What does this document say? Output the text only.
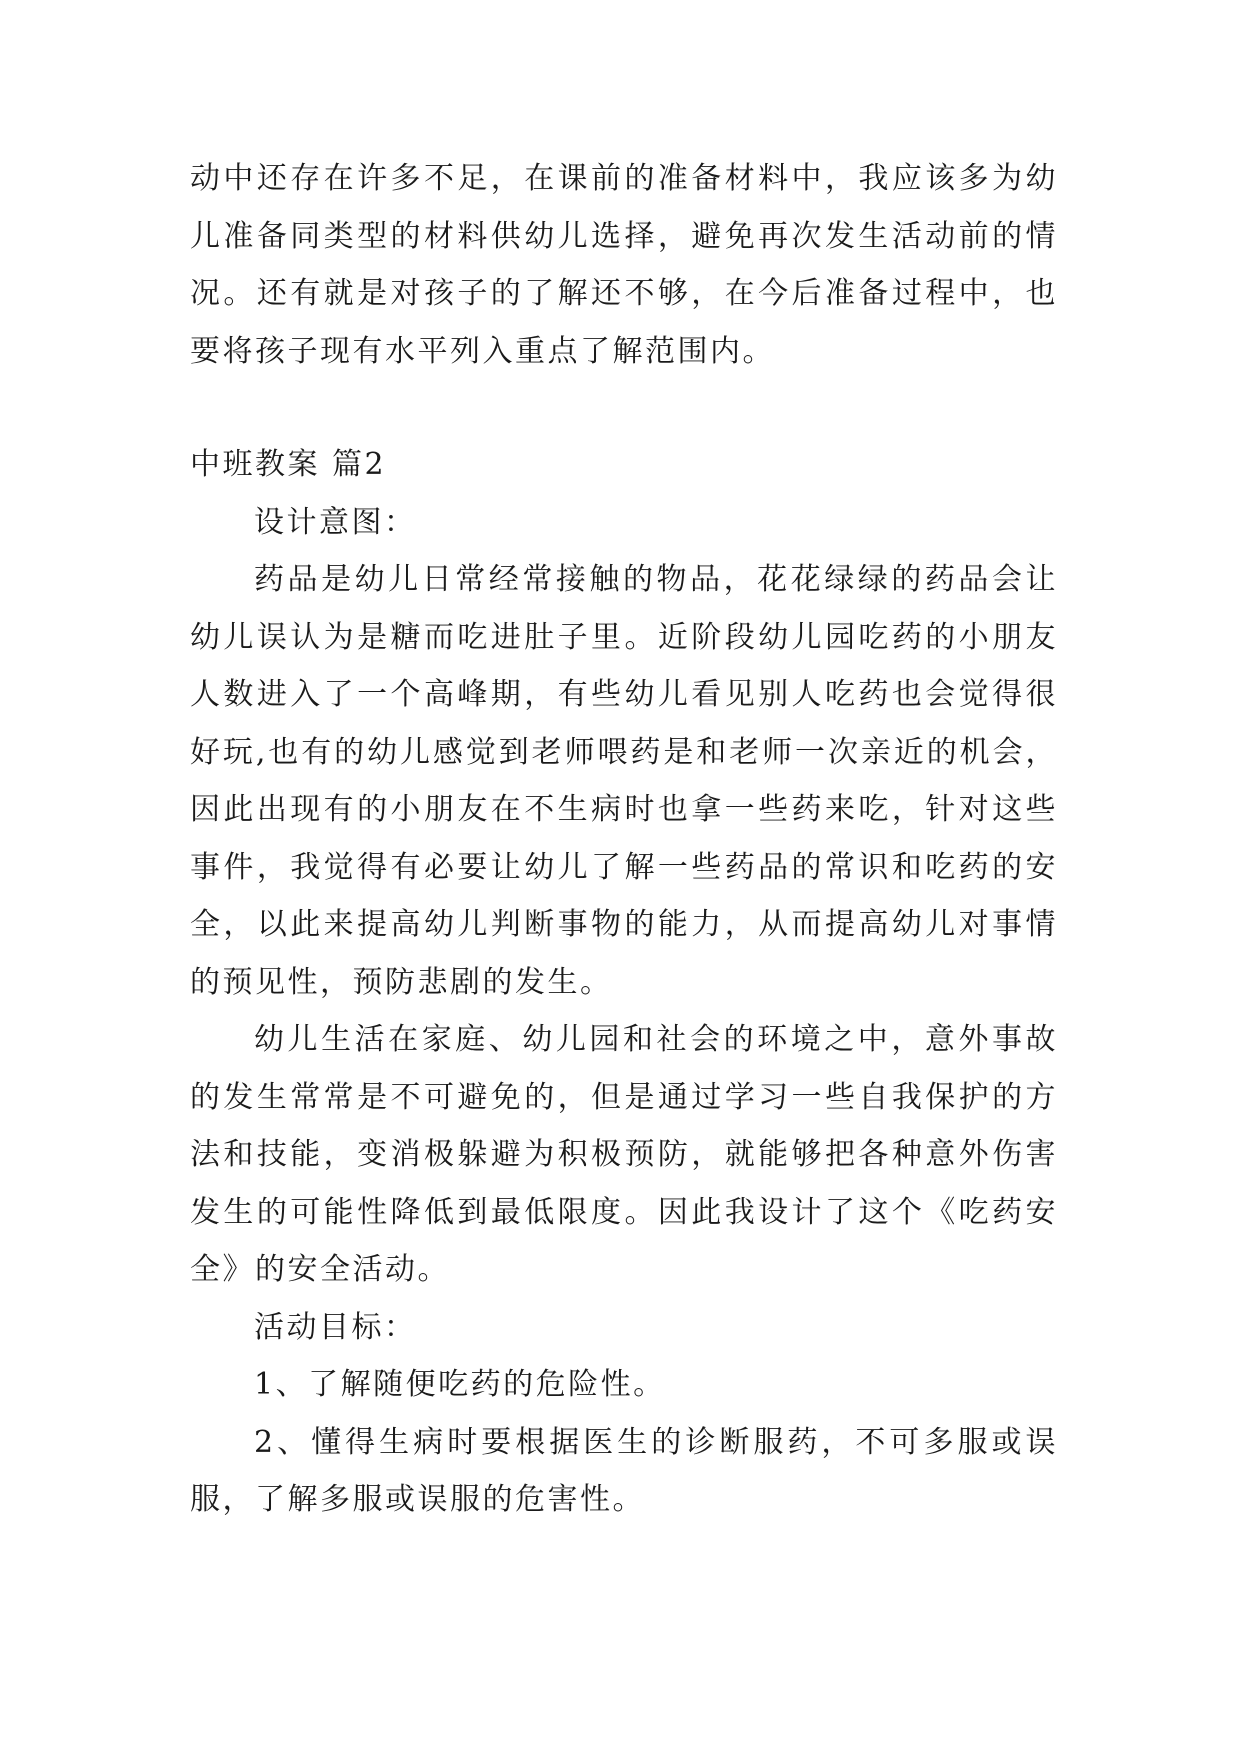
动中还存在许多不足，在课前的准备材料中，我应该多为幼儿准备同类型的材料供幼儿选择，避免再次发生活动前的情况。还有就是对孩子的了解还不够，在今后准备过程中，也要将孩子现有水平列入重点了解范围内。

中班教案 篇2

设计意图：

药品是幼儿日常经常接触的物品，花花绿绿的药品会让幼儿误认为是糖而吃进肚子里。近阶段幼儿园吃药的小朋友人数进入了一个高峰期，有些幼儿看见别人吃药也会觉得很好玩,也有的幼儿感觉到老师喂药是和老师一次亲近的机会，因此出现有的小朋友在不生病时也拿一些药来吃，针对这些事件，我觉得有必要让幼儿了解一些药品的常识和吃药的安全，以此来提高幼儿判断事物的能力，从而提高幼儿对事情的预见性，预防悲剧的发生。

幼儿生活在家庭、幼儿园和社会的环境之中，意外事故的发生常常是不可避免的，但是通过学习一些自我保护的方法和技能，变消极躲避为积极预防，就能够把各种意外伤害发生的可能性降低到最低限度。因此我设计了这个《吃药安全》的安全活动。

活动目标：

1、了解随便吃药的危险性。

2、懂得生病时要根据医生的诊断服药，不可多服或误服，了解多服或误服的危害性。
